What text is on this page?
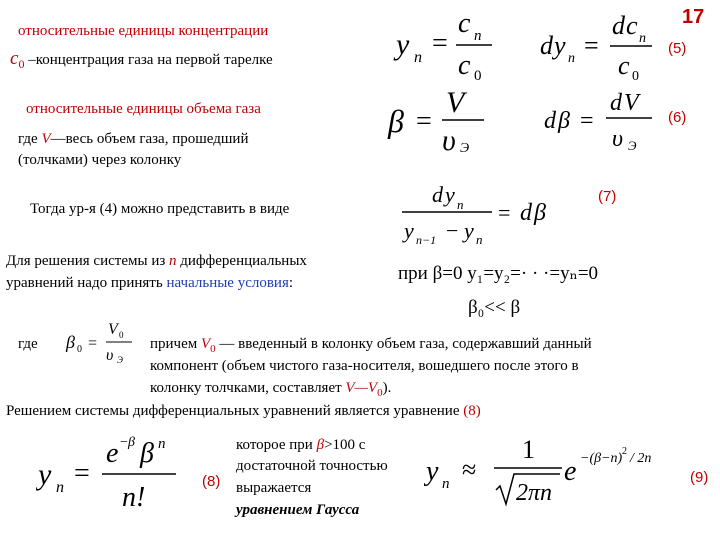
17
относительные единицы концентрации
$c_0$ –концентрация газа на первой тарелке
относительные единицы объема газа
где V—весь объем газа, прошедший
(толчками) через колонку
Тогда ур-я (4) можно представить в виде
Для решения системы из n дифференциальных
уравнений надо принять начальные условия:	при β=0 y₁=y₂=· · ·=yₙ=0
β₀<< β
где	причем $V_0$ — введенный в колонку объем газа, содержавший данный
компонент (объем чистого газа-носителя, вошедшего после этого в
колонку толчками, составляет $V—V_0$).
Решением системы дифференциальных уравнений является уравнение (8)
которое при β>100 с
достаточной точностью
выражается
уравнением Гаусса
(5)
(6)
(7)
(8)	(9)
y n =
c n
c 0
d y n =
d c n
c 0
β =
V
υ Э
d β =
d V
υ Э
d y n
y n−1 − y n
= d β
β 0 =
V 0
υ Э
y n =
e − β β n
n!
y n ≈
1
2πn
e −(β−n) 2 / 2n
